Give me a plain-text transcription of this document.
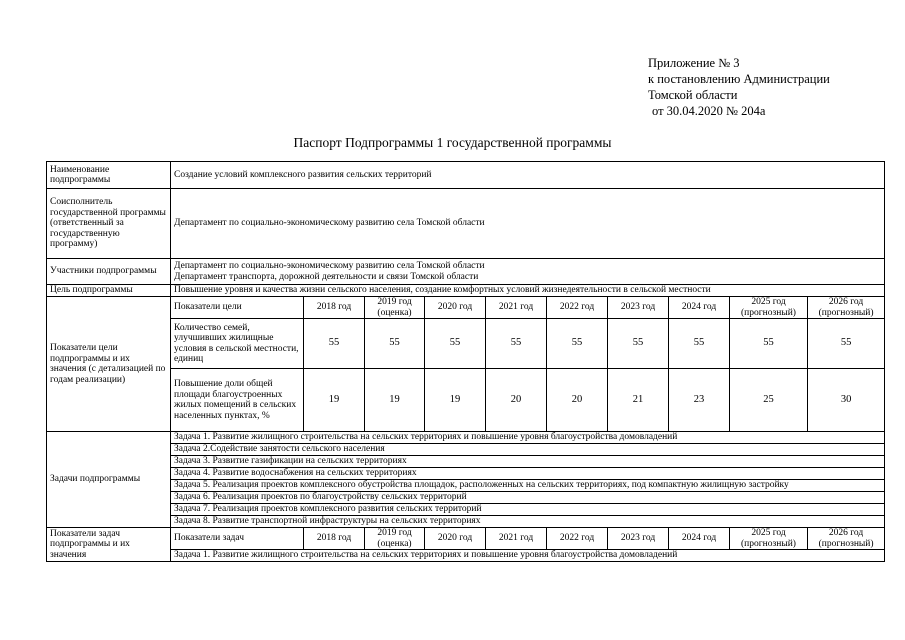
Приложение № 3
к постановлению Администрации
Томской области
от 30.04.2020 № 204а
Паспорт Подпрограммы 1 государственной программы
Наименование подпрограммы	Создание условий комплексного развития сельских территорий									
Соисполнитель государственной программы (ответственный за государственную программу)	Департамент по социально-экономическому развитию села Томской области									
Участники подпрограммы	Департамент по социально-экономическому развитию села Томской области
Департамент транспорта, дорожной деятельности и связи Томской области									

Цель подпрограммы	Повышение уровня и качества жизни сельского населения, создание комфортных условий жизнедеятельности в сельской местности									
Показатели цели подпрограммы и их значения (с детализацией по годам реализации)	Показатели цели	2018 год	2019 год (оценка)	2020 год	2021 год	2022 год	2023 год	2024 год	2025 год (прогнозный)	2026 год (прогнозный)
	Количество семей, улучшивших жилищные условия в сельской местности, единиц	55	55	55	55	55	55	55	55	55
	Повышение доли общей площади благоустроенных жилых помещений в сельских населенных пунктах, %	19	19	19	20	20	21	23	25	30
Задачи подпрограммы	Задача 1. Развитие жилищного строительства на сельских территориях и повышение уровня благоустройства домовладений									
	Задача 2.Содействие занятости сельского населения									
	Задача 3. Развитие газификации на сельских территориях									
	Задача 4. Развитие водоснабжения на сельских территориях									
	Задача 5. Реализация проектов комплексного обустройства площадок, расположенных на сельских территориях, под компактную жилищную застройку									
	Задача 6. Реализация проектов по благоустройству сельских территорий									
	Задача 7. Реализация проектов комплексного развития сельских территорий									
	Задача 8. Развитие транспортной инфраструктуры на сельских территориях									
Показатели задач подпрограммы и их значения	Показатели задач	2018 год	2019 год (оценка)	2020 год	2021 год	2022 год	2023 год	2024 год	2025 год (прогнозный)	2026 год (прогнозный)
	Задача 1. Развитие жилищного строительства на сельских территориях и повышение уровня благоустройства домовладений									
